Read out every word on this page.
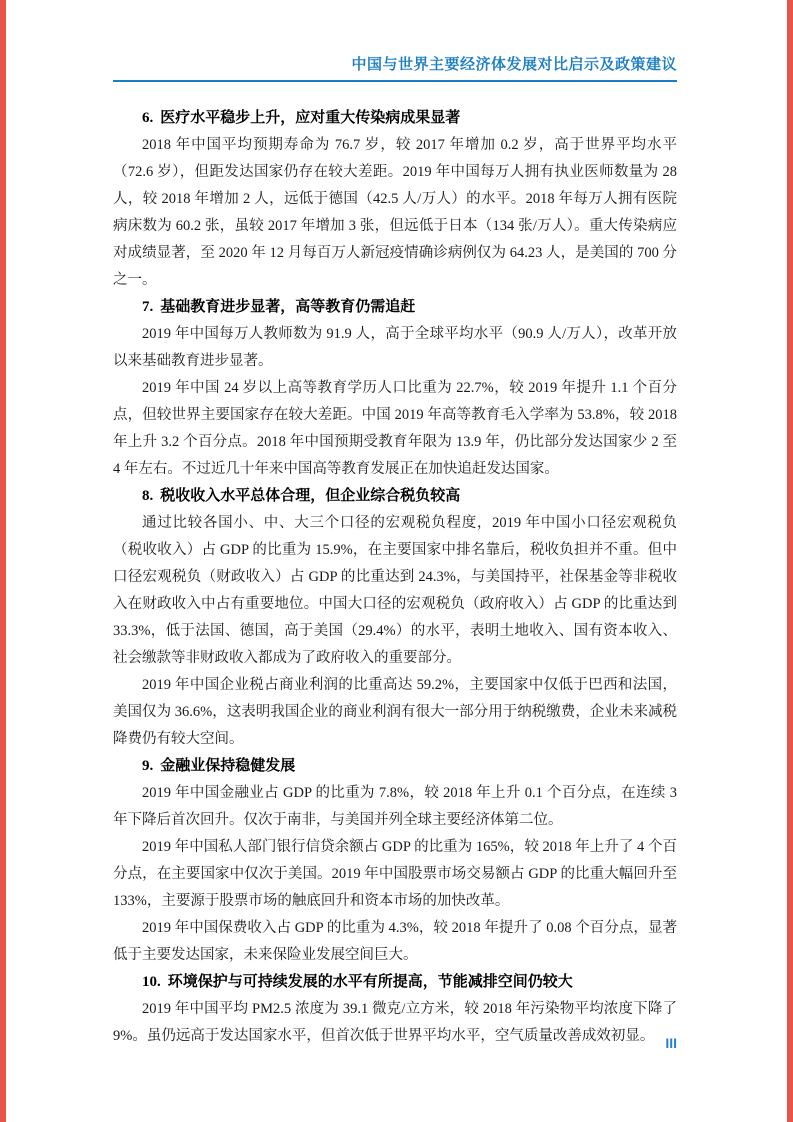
中国与世界主要经济体发展对比启示及政策建议
6. 医疗水平稳步上升，应对重大传染病成果显著

2018 年中国平均预期寿命为 76.7 岁，较 2017 年增加 0.2 岁，高于世界平均水平（72.6 岁），但距发达国家仍存在较大差距。2019 年中国每万人拥有执业医师数量为 28 人，较 2018 年增加 2 人，远低于德国（42.5 人/万人）的水平。2018 年每万人拥有医院病床数为 60.2 张，虽较 2017 年增加 3 张，但远低于日本（134 张/万人）。重大传染病应对成绩显著，至 2020 年 12 月每百万人新冠疫情确诊病例仅为 64.23 人，是美国的 700 分之一。

7. 基础教育进步显著，高等教育仍需追赶

2019 年中国每万人教师数为 91.9 人，高于全球平均水平（90.9 人/万人），改革开放以来基础教育进步显著。

2019 年中国 24 岁以上高等教育学历人口比重为 22.7%，较 2019 年提升 1.1 个百分点，但较世界主要国家存在较大差距。中国 2019 年高等教育毛入学率为 53.8%，较 2018 年上升 3.2 个百分点。2018 年中国预期受教育年限为 13.9 年，仍比部分发达国家少 2 至 4 年左右。不过近几十年来中国高等教育发展正在加快追赶发达国家。

8. 税收收入水平总体合理，但企业综合税负较高

通过比较各国小、中、大三个口径的宏观税负程度，2019 年中国小口径宏观税负（税收收入）占 GDP 的比重为 15.9%，在主要国家中排名靠后，税收负担并不重。但中口径宏观税负（财政收入）占 GDP 的比重达到 24.3%，与美国持平，社保基金等非税收入在财政收入中占有重要地位。中国大口径的宏观税负（政府收入）占 GDP 的比重达到 33.3%，低于法国、德国，高于美国（29.4%）的水平，表明土地收入、国有资本收入、社会缴款等非财政收入都成为了政府收入的重要部分。

2019 年中国企业税占商业利润的比重高达 59.2%，主要国家中仅低于巴西和法国，美国仅为 36.6%，这表明我国企业的商业利润有很大一部分用于纳税缴费，企业未来减税降费仍有较大空间。

9. 金融业保持稳健发展

2019 年中国金融业占 GDP 的比重为 7.8%，较 2018 年上升 0.1 个百分点，在连续 3 年下降后首次回升。仅次于南非，与美国并列全球主要经济体第二位。

2019 年中国私人部门银行信贷余额占 GDP 的比重为 165%，较 2018 年上升了 4 个百分点，在主要国家中仅次于美国。2019 年中国股票市场交易额占 GDP 的比重大幅回升至 133%，主要源于股票市场的触底回升和资本市场的加快改革。

2019 年中国保费收入占 GDP 的比重为 4.3%，较 2018 年提升了 0.08 个百分点，显著低于主要发达国家，未来保险业发展空间巨大。

10. 环境保护与可持续发展的水平有所提高，节能减排空间仍较大

2019 年中国平均 PM2.5 浓度为 39.1 微克/立方米，较 2018 年污染物平均浓度下降了 9%。虽仍远高于发达国家水平，但首次低于世界平均水平，空气质量改善成效初显。 III
